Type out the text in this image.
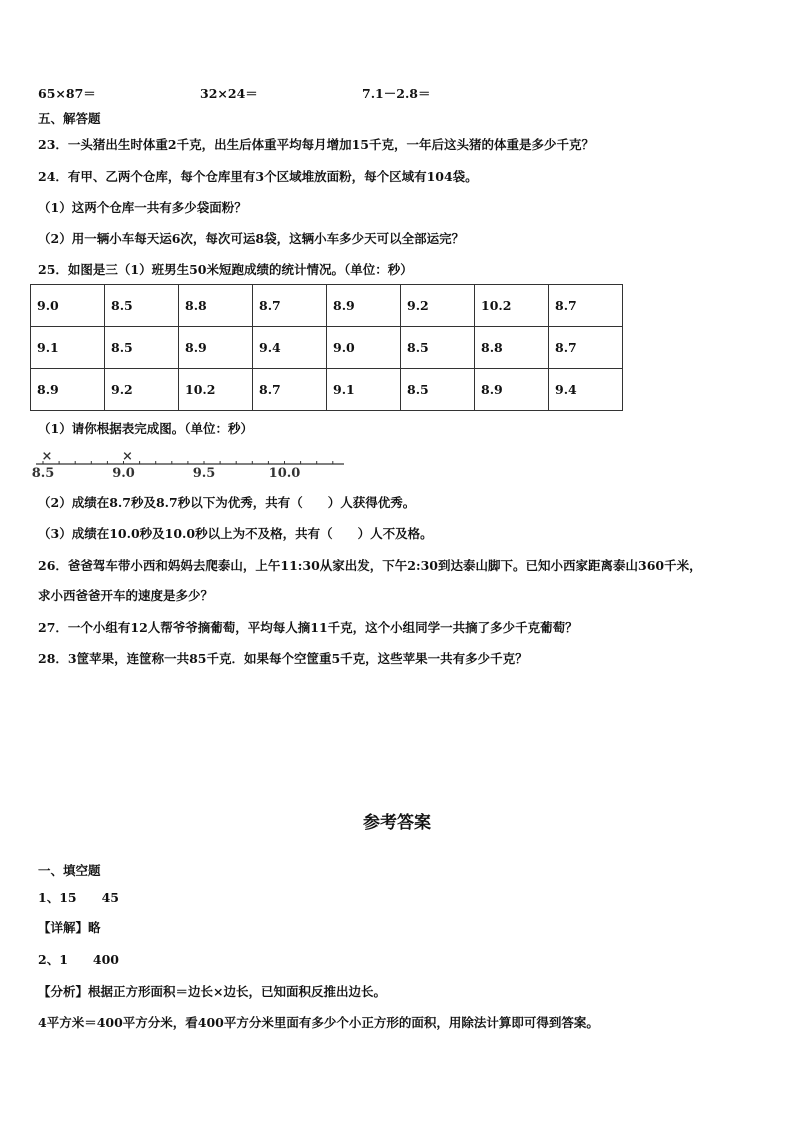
65×87＝	32×24＝	7.1－2.8＝
五、解答题
23．一头猪出生时体重2千克，出生后体重平均每月增加15千克，一年后这头猪的体重是多少千克？
24．有甲、乙两个仓库，每个仓库里有3个区域堆放面粉，每个区域有104袋。
（1）这两个仓库一共有多少袋面粉？
（2）用一辆小车每天运6次，每次可运8袋，这辆小车多少天可以全部运完？
25．如图是三（1）班男生50米短跑成绩的统计情况。（单位：秒）
9.0	8.5	8.8	8.7	8.9	9.2	10.2	8.7
9.1	8.5	8.9	9.4	9.0	8.5	8.8	8.7
8.9	9.2	10.2	8.7	9.1	8.5	8.9	9.4
（1）请你根据表完成图。（单位：秒）
8.5	9.0	9.5	10.0
×	×
（2）成绩在8.7秒及8.7秒以下为优秀，共有（　　）人获得优秀。
（3）成绩在10.0秒及10.0秒以上为不及格，共有（　　）人不及格。
26．爸爸驾车带小西和妈妈去爬泰山，上午11:30从家出发，下午2:30到达泰山脚下。已知小西家距离泰山360千米，
求小西爸爸开车的速度是多少？
27．一个小组有12人帮爷爷摘葡萄，平均每人摘11千克，这个小组同学一共摘了多少千克葡萄？
28．3筐苹果，连筐称一共85千克．如果每个空筐重5千克，这些苹果一共有多少千克？
参考答案
一、填空题
1、15　　45
【详解】略
2、1　　400
【分析】根据正方形面积＝边长×边长，已知面积反推出边长。
4平方米＝400平方分米，看400平方分米里面有多少个小正方形的面积，用除法计算即可得到答案。
